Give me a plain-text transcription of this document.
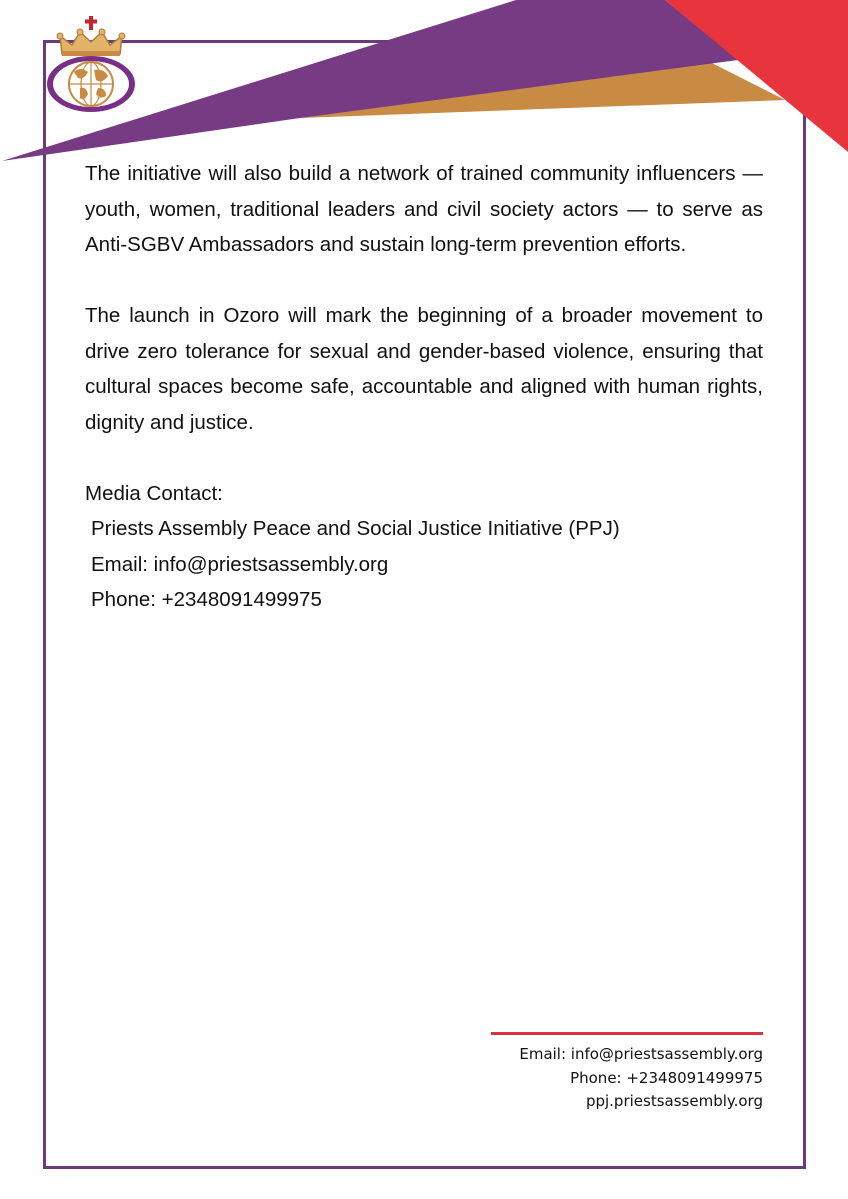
The initiative will also build a network of trained community influencers — youth, women, traditional leaders and civil society actors — to serve as Anti-SGBV Ambassadors and sustain long-term prevention efforts.

The launch in Ozoro will mark the beginning of a broader movement to drive zero tolerance for sexual and gender-based violence, ensuring that cultural spaces become safe, accountable and aligned with human rights, dignity and justice.

Media Contact:
Priests Assembly Peace and Social Justice Initiative (PPJ)
Email: info@priestsassembly.org
Phone: +2348091499975
Email: info@priestsassembly.org
Phone: +2348091499975
ppj.priestsassembly.org
